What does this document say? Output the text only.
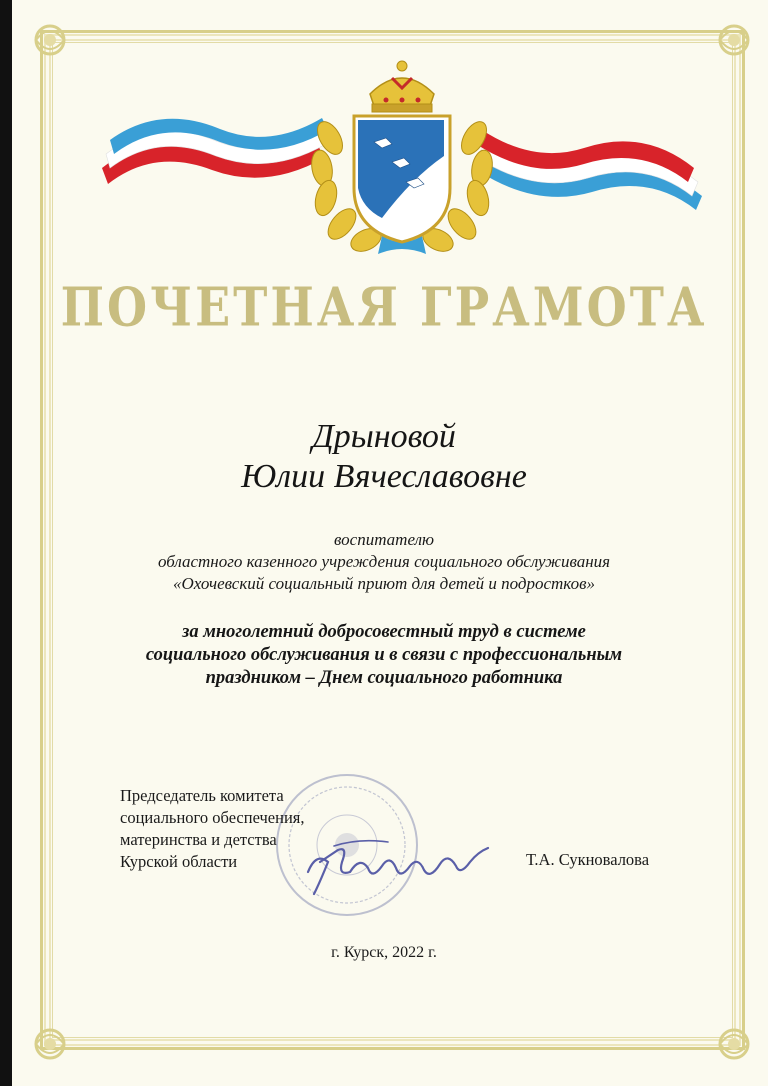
ПОЧЕТНАЯ ГРАМОТА
Дрыновой
Юлии Вячеславовне
воспитателю
областного казенного учреждения социального обслуживания
«Охочевский социальный приют для детей и подростков»
за многолетний добросовестный труд в системе
социального обслуживания и в связи с профессиональным
праздником – Днем социального работника
Председатель комитета
социального обеспечения,
материнства и детства
Курской области	Т.А. Сукновалова
г. Курск, 2022 г.
